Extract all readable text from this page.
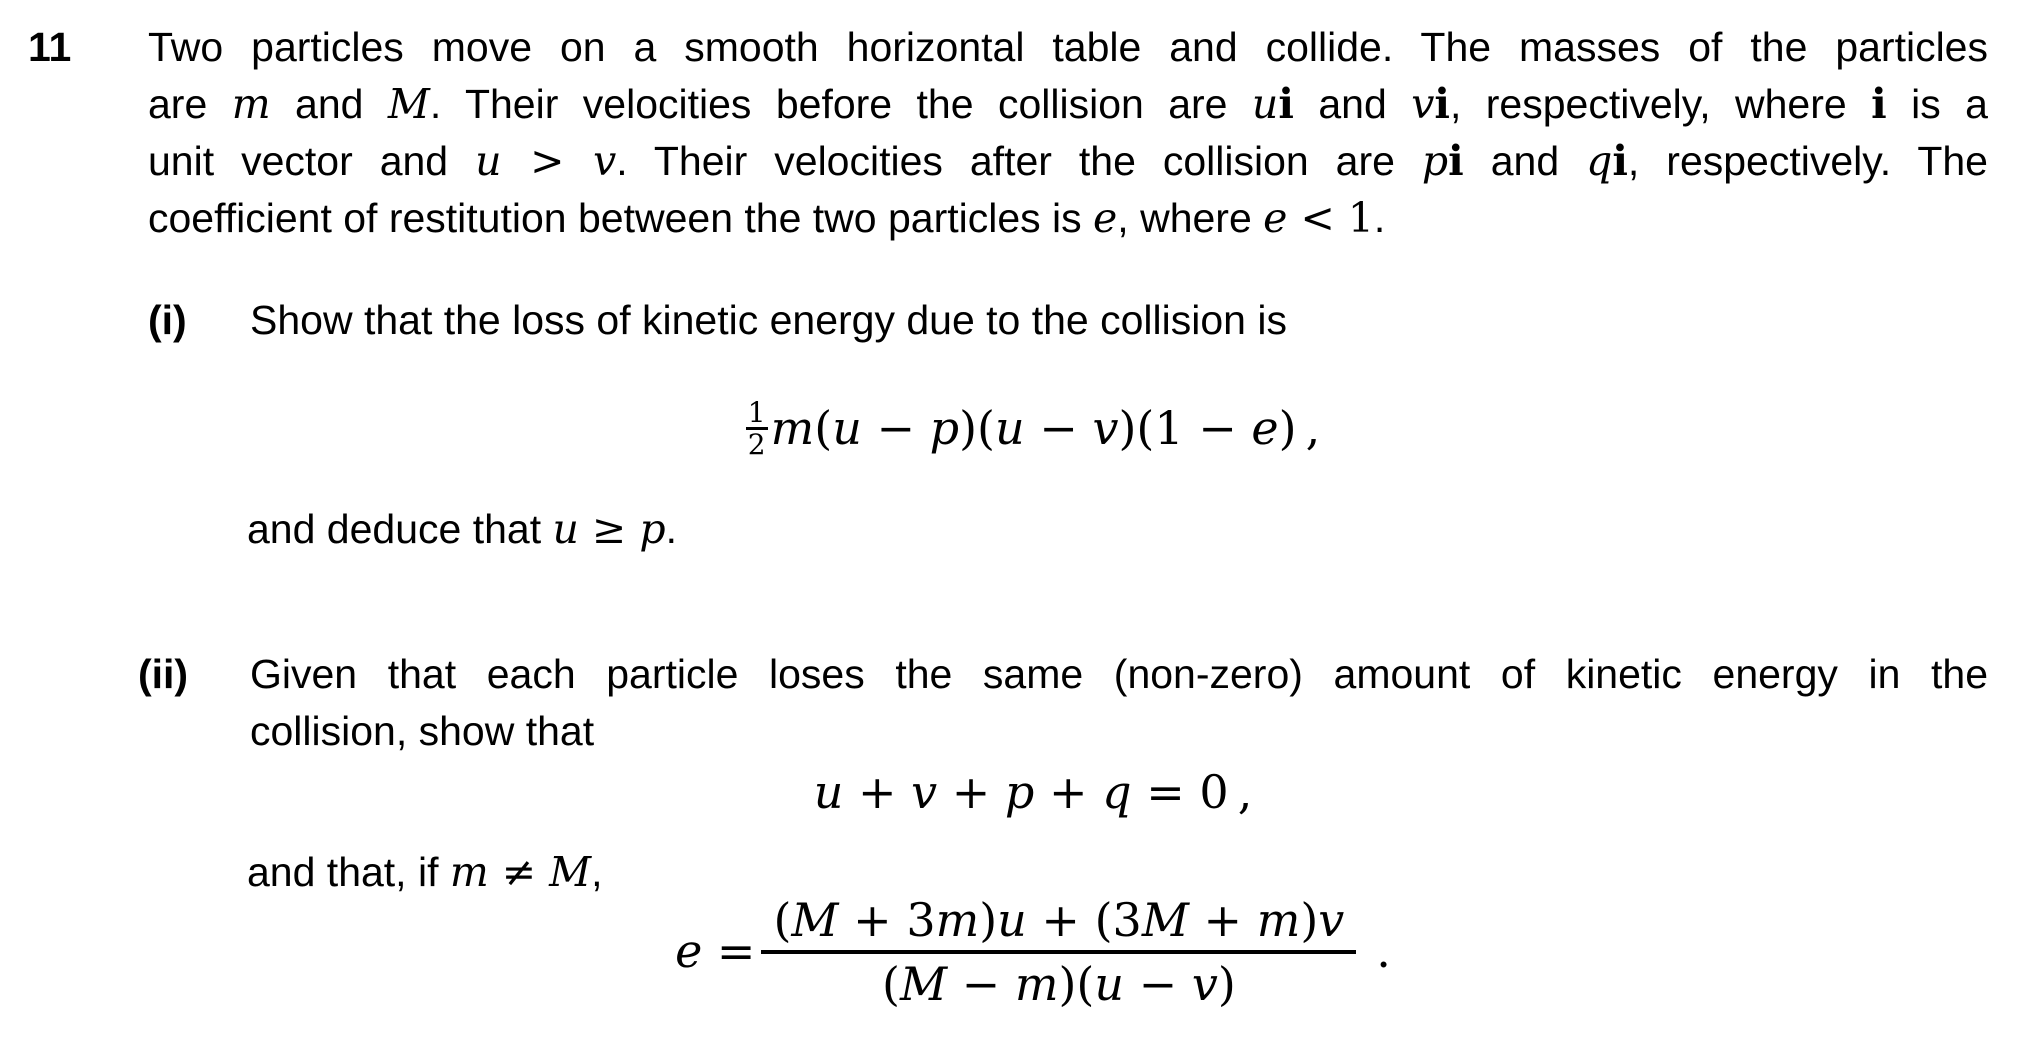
11 Two particles move on a smooth horizontal table and collide. The masses of the particles
are m and M. Their velocities before the collision are ui and vi, respectively, where i is a
unit vector and u > v. Their velocities after the collision are pi and qi, respectively. The
coefficient of restitution between the two particles is e, where e < 1.
(i) Show that the loss of kinetic energy due to the collision is
$\frac{1}{2} m(u - p)(u - v)(1 - e)$ ,
and deduce that u ≥ p.
(ii) Given that each particle loses the same (non-zero) amount of kinetic energy in the
collision, show that
u + v + p + q = 0 ,
and that, if m ≠ M,
$e = \frac{(M + 3m)u + (3M + m)v}{(M - m)(u - v)}$ .
